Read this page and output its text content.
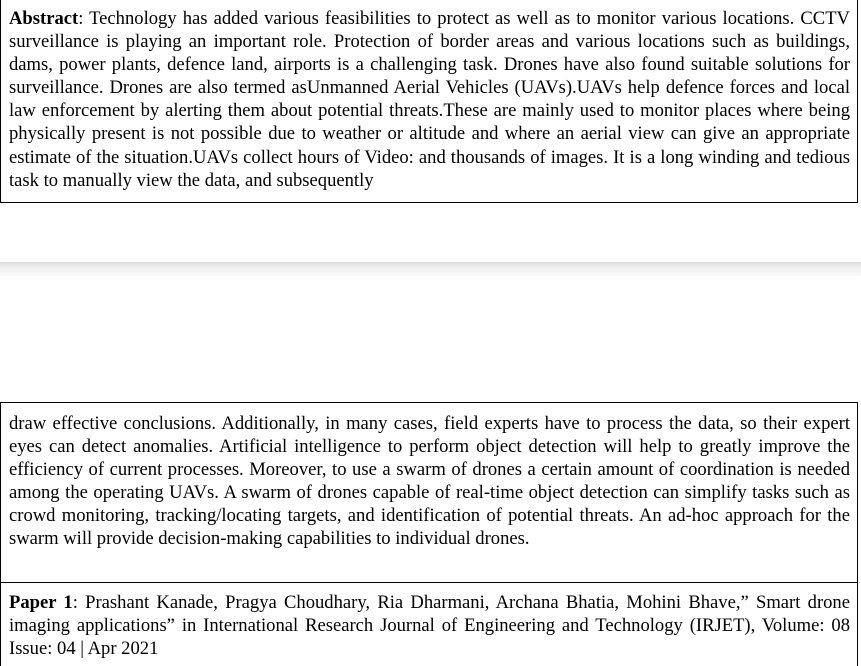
Abstract: Technology has added various feasibilities to protect as well as to monitor various locations. CCTV surveillance is playing an important role. Protection of border areas and various locations such as buildings, dams, power plants, defence land, airports is a challenging task. Drones have also found suitable solutions for surveillance. Drones are also termed asUnmanned Aerial Vehicles (UAVs).UAVs help defence forces and local law enforcement by alerting them about potential threats.These are mainly used to monitor places where being physically present is not possible due to weather or altitude and where an aerial view can give an appropriate estimate of the situation.UAVs collect hours of Video: and thousands of images. It is a long winding and tedious task to manually view the data, and subsequently

draw effective conclusions. Additionally, in many cases, field experts have to process the data, so their expert eyes can detect anomalies. Artificial intelligence to perform object detection will help to greatly improve the efficiency of current processes. Moreover, to use a swarm of drones a certain amount of coordination is needed among the operating UAVs. A swarm of drones capable of real-time object detection can simplify tasks such as crowd monitoring, tracking/locating targets, and identification of potential threats. An ad-hoc approach for the swarm will provide decision-making capabilities to individual drones.

Paper 1: Prashant Kanade, Pragya Choudhary, Ria Dharmani, Archana Bhatia, Mohini Bhave,” Smart drone imaging applications” in International Research Journal of Engineering and Technology (IRJET), Volume: 08 Issue: 04 | Apr 2021
